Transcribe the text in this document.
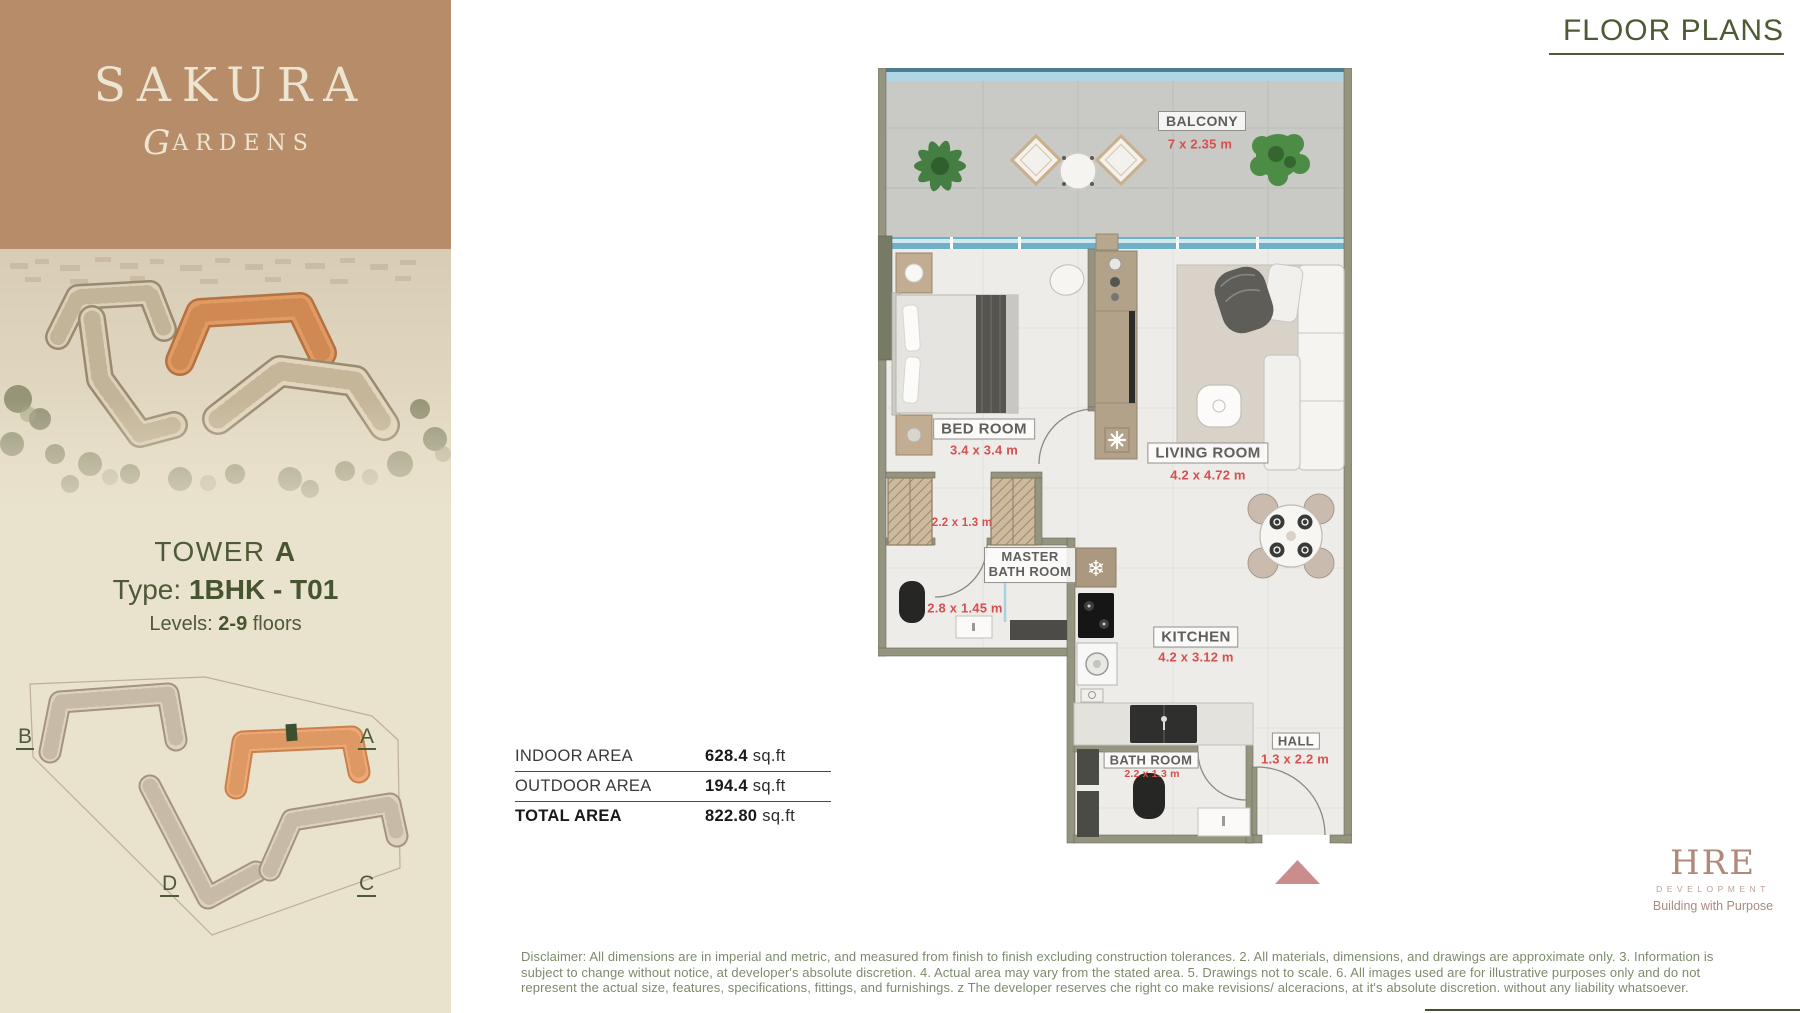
SAKURA
GARDENS
TOWER A
Type: 1BHK - T01
Levels: 2-9 floors
B	A
D	C
FLOOR PLANS
❄
BALCONY
7 x 2.35 m
BED ROOM
3.4 x 3.4 m	LIVING ROOM
4.2 x 4.72 m
2.2 x 1.3 m
MASTER BATH ROOM
2.8 x 1.45 m
KITCHEN
4.2 x 3.12 m
BATH ROOM
2.2 x 1.3 m
HALL
1.3 x 2.2 m
INDOOR AREA	628.4 sq.ft
OUTDOOR AREA	194.4 sq.ft
TOTAL AREA	822.80 sq.ft
HRE
DEVELOPMENT
Building with Purpose

Disclaimer: All dimensions are in imperial and metric, and measured from finish to finish excluding construction tolerances. 2. All materials, dimensions, and drawings are approximate only. 3. Information is subject to change without notice, at developer's absolute discretion. 4. Actual area may vary from the stated area. 5. Drawings not to scale. 6. All images used are for illustrative purposes only and do not represent the actual size, features, specifications, fittings, and furnishings. z The developer reserves che right co make revisions/ alceracions, at it's absolute discretion. without any liability whatsoever.
